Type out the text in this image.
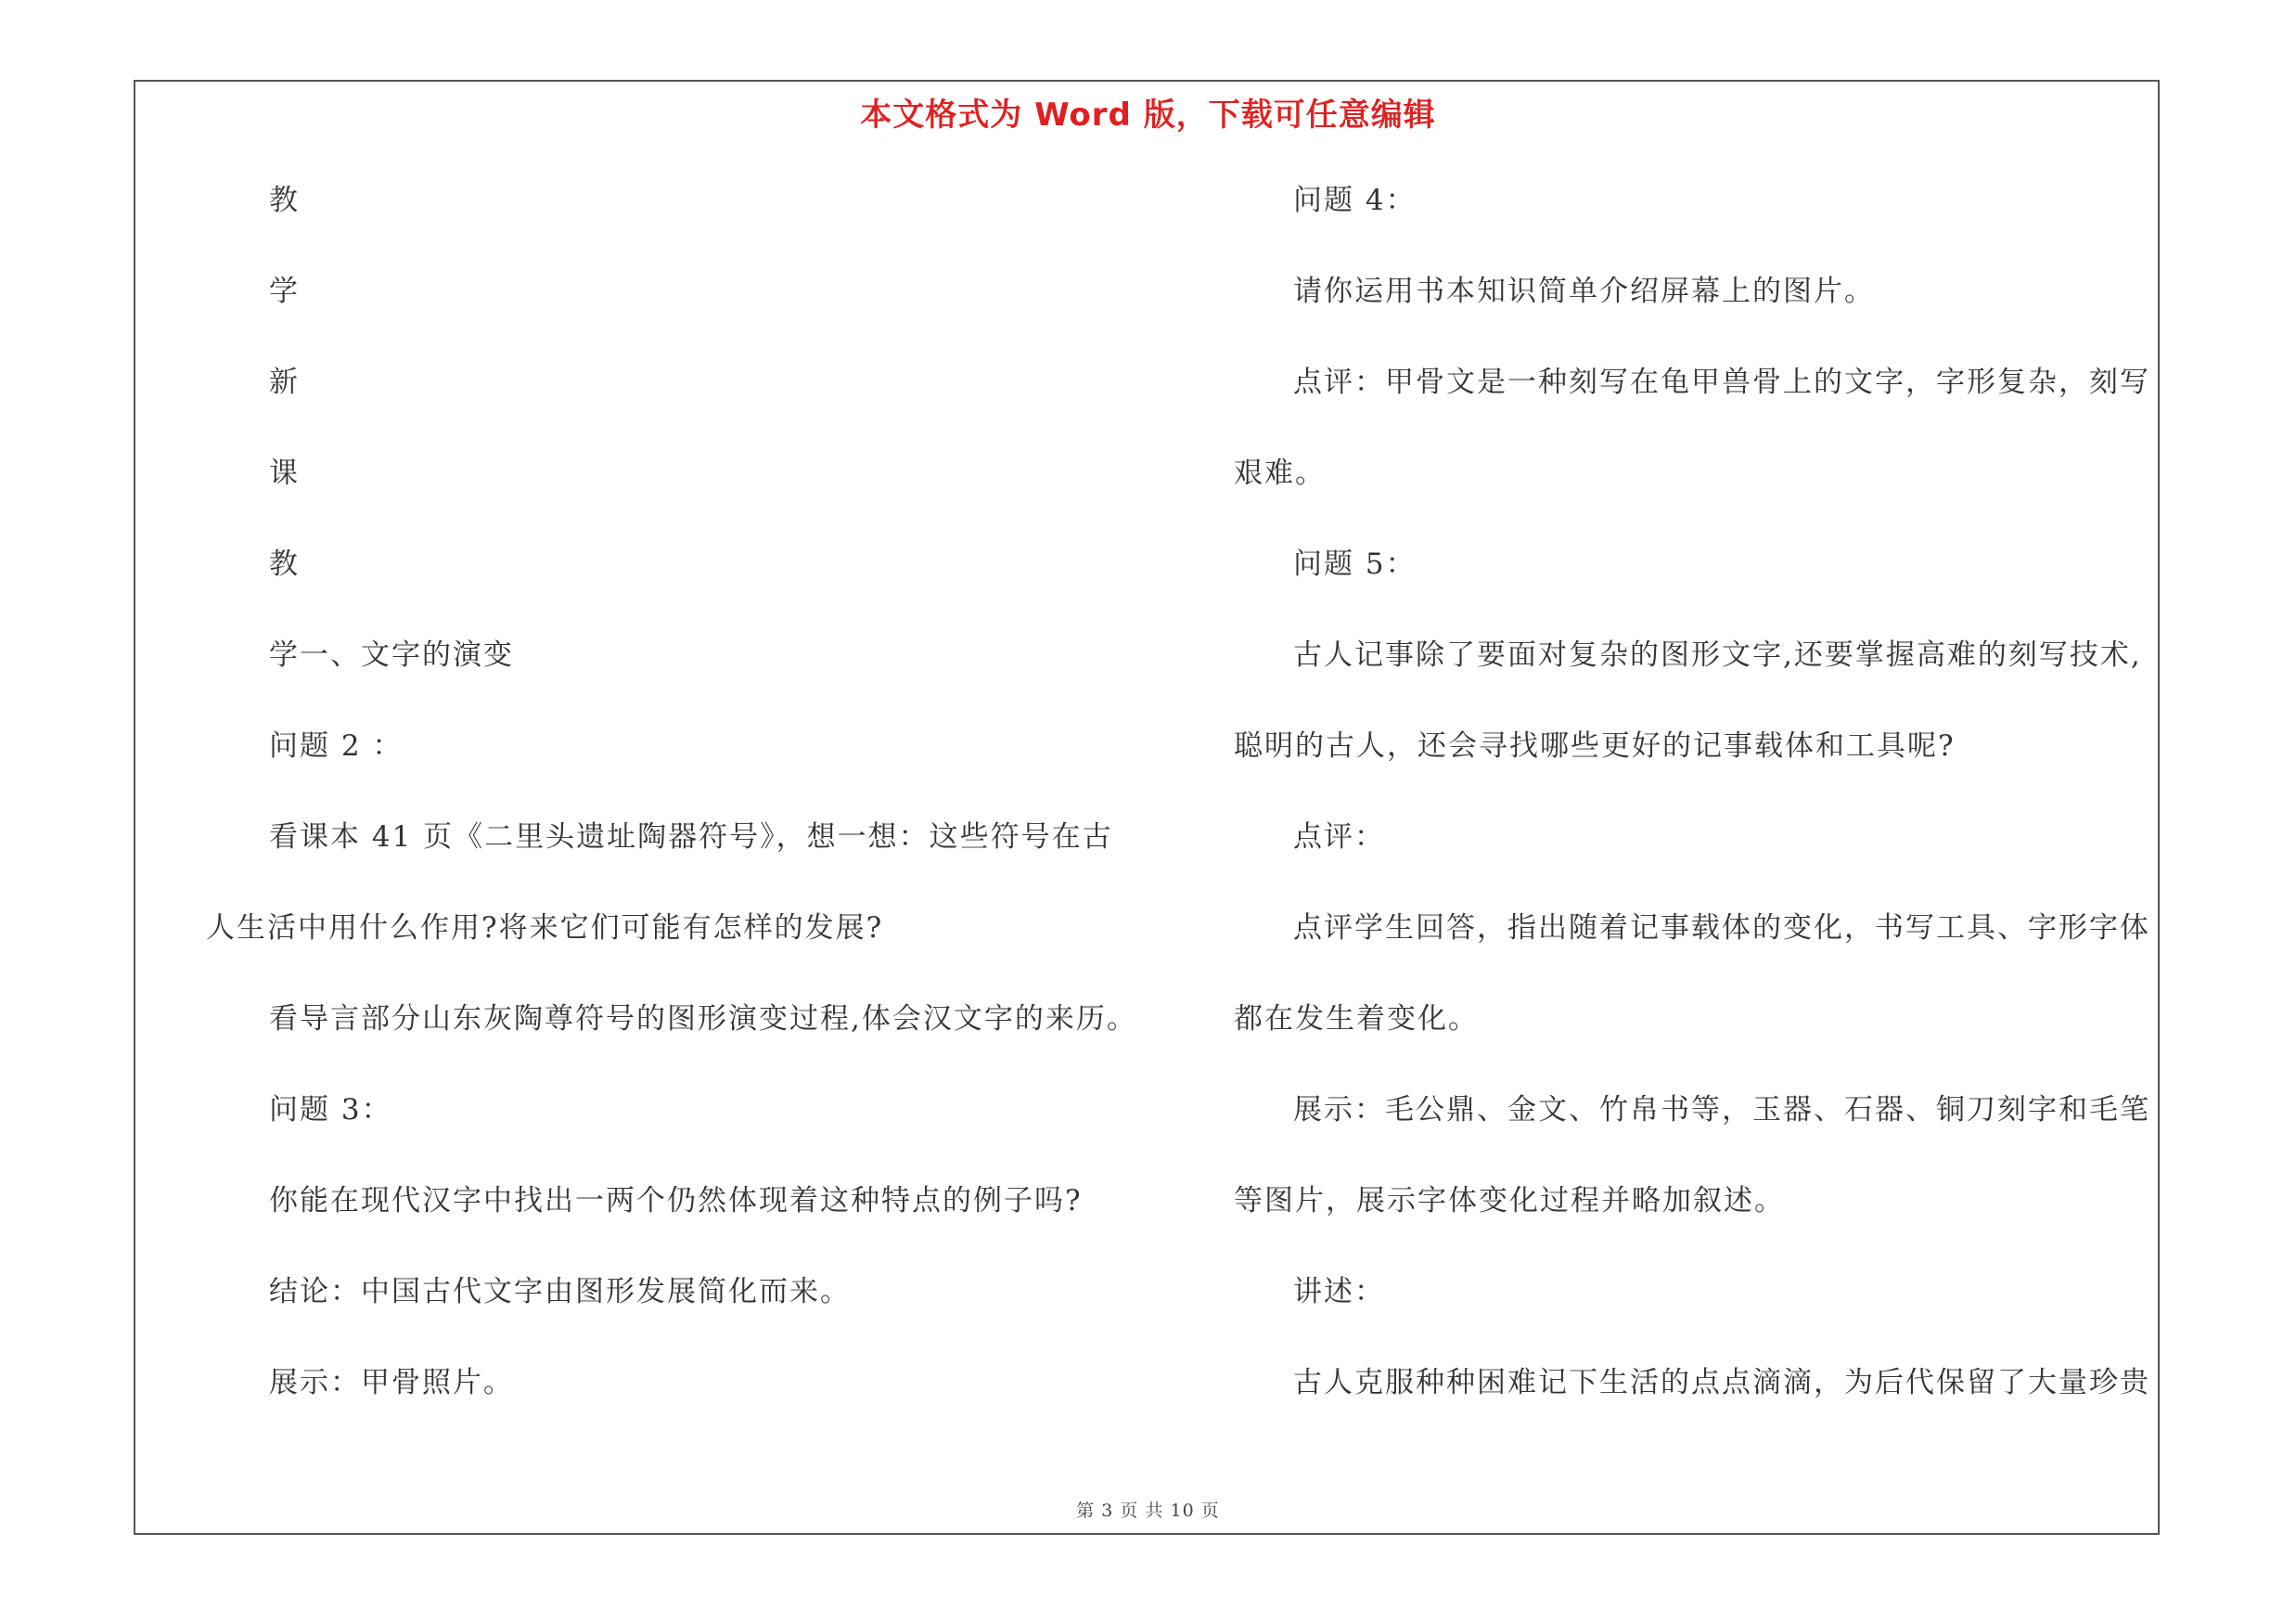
本文格式为 Word 版，下载可任意编辑
教
学
新
课
教
学一、文字的演变
问题 2 ：
看课本 41 页《二里头遗址陶器符号》，想一想：这些符号在古
人生活中用什么作用?将来它们可能有怎样的发展?
看导言部分山东灰陶尊符号的图形演变过程,体会汉文字的来历。
问题 3：
你能在现代汉字中找出一两个仍然体现着这种特点的例子吗?
结论：中国古代文字由图形发展简化而来。
展示：甲骨照片。
问题 4：
请你运用书本知识简单介绍屏幕上的图片。
点评：甲骨文是一种刻写在龟甲兽骨上的文字，字形复杂，刻写
艰难。
问题 5：
古人记事除了要面对复杂的图形文字,还要掌握高难的刻写技术,
聪明的古人，还会寻找哪些更好的记事载体和工具呢?
点评：
点评学生回答，指出随着记事载体的变化，书写工具、字形字体
都在发生着变化。
展示：毛公鼎、金文、竹帛书等，玉器、石器、铜刀刻字和毛笔
等图片，展示字体变化过程并略加叙述。
讲述：
古人克服种种困难记下生活的点点滴滴，为后代保留了大量珍贵
第 3 页 共 10 页
